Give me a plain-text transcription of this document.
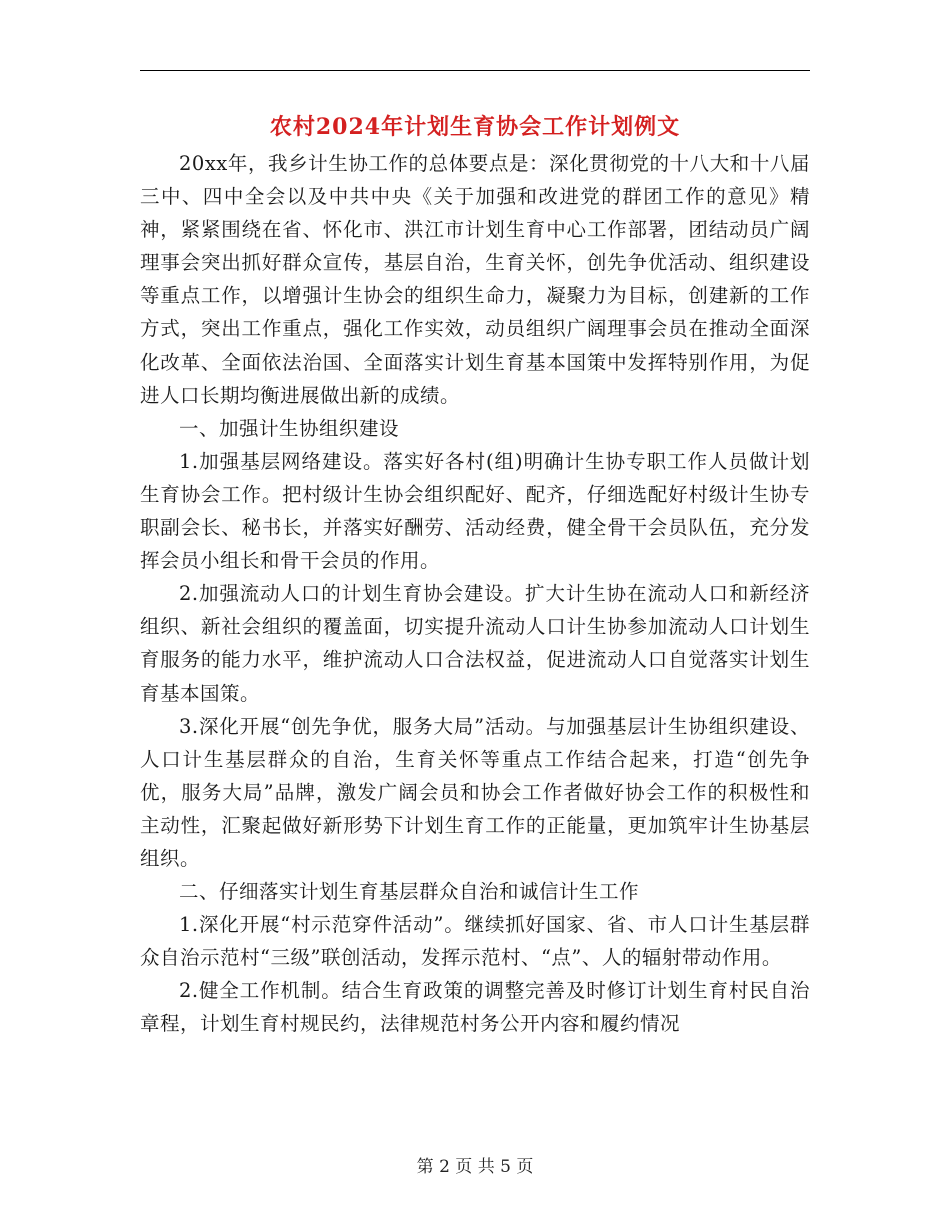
农村2024年计划生育协会工作计划例文

20xx年，我乡计生协工作的总体要点是：深化贯彻党的十八大和十八届三中、四中全会以及中共中央《关于加强和改进党的群团工作的意见》精神，紧紧围绕在省、怀化市、洪江市计划生育中心工作部署，团结动员广阔理事会突出抓好群众宣传，基层自治，生育关怀，创先争优活动、组织建设等重点工作，以增强计生协会的组织生命力，凝聚力为目标，创建新的工作方式，突出工作重点，强化工作实效，动员组织广阔理事会员在推动全面深化改革、全面依法治国、全面落实计划生育基本国策中发挥特别作用，为促进人口长期均衡进展做出新的成绩。

一、加强计生协组织建设

1.加强基层网络建设。落实好各村(组)明确计生协专职工作人员做计划生育协会工作。把村级计生协会组织配好、配齐，仔细选配好村级计生协专职副会长、秘书长，并落实好酬劳、活动经费，健全骨干会员队伍，充分发挥会员小组长和骨干会员的作用。

2.加强流动人口的计划生育协会建设。扩大计生协在流动人口和新经济组织、新社会组织的覆盖面，切实提升流动人口计生协参加流动人口计划生育服务的能力水平，维护流动人口合法权益，促进流动人口自觉落实计划生育基本国策。

3.深化开展“创先争优，服务大局”活动。与加强基层计生协组织建设、人口计生基层群众的自治，生育关怀等重点工作结合起来，打造“创先争优，服务大局”品牌，激发广阔会员和协会工作者做好协会工作的积极性和主动性，汇聚起做好新形势下计划生育工作的正能量，更加筑牢计生协基层组织。

二、仔细落实计划生育基层群众自治和诚信计生工作

1.深化开展“村示范穿件活动”。继续抓好国家、省、市人口计生基层群众自治示范村“三级”联创活动，发挥示范村、“点”、人的辐射带动作用。

2.健全工作机制。结合生育政策的调整完善及时修订计划生育村民自治章程，计划生育村规民约，法律规范村务公开内容和履约情况

第 2 页 共 5 页
